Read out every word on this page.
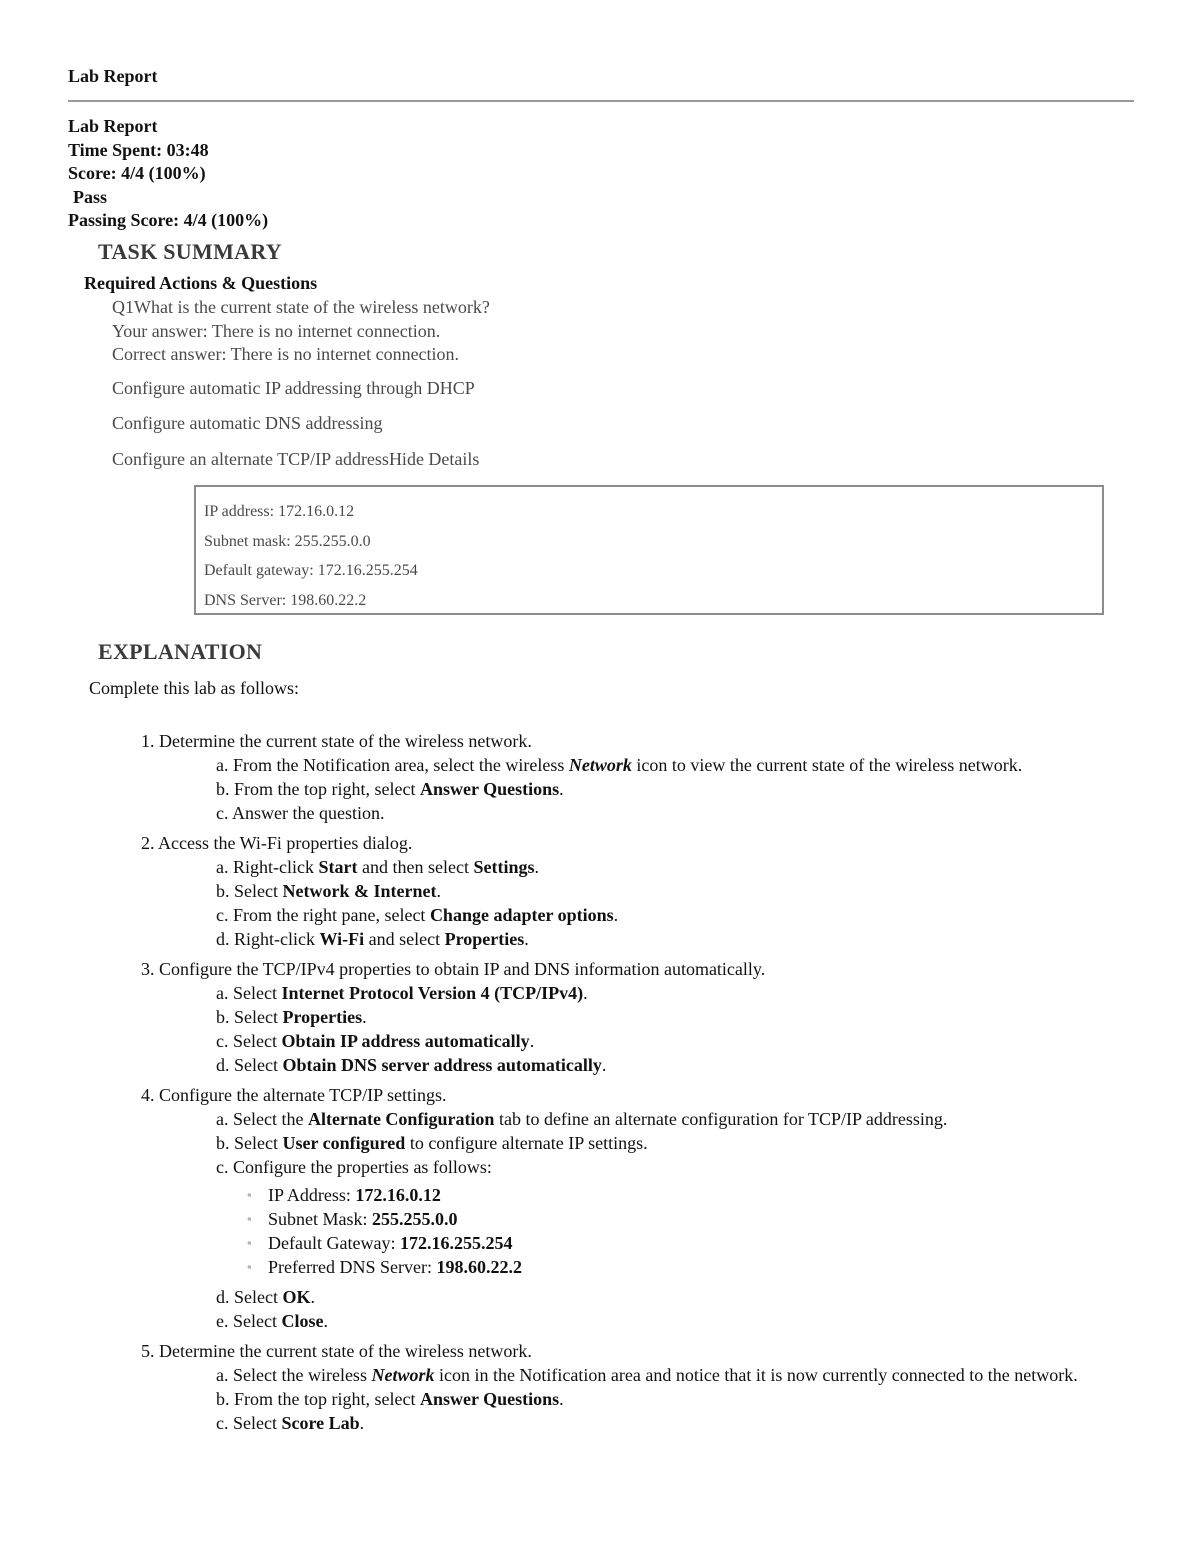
Lab Report
Lab Report
Time Spent: 03:48
Score: 4/4 (100%)
Pass
Passing Score: 4/4 (100%)
TASK SUMMARY
Required Actions & Questions
Q1What is the current state of the wireless network?
Your answer: There is no internet connection.
Correct answer: There is no internet connection.
Configure automatic IP addressing through DHCP
Configure automatic DNS addressing
Configure an alternate TCP/IP addressHide Details
IP address: 172.16.0.12
Subnet mask: 255.255.0.0
Default gateway: 172.16.255.254
DNS Server: 198.60.22.2
EXPLANATION
Complete this lab as follows:
1. Determine the current state of the wireless network.
a. From the Notification area, select the wireless Network icon to view the current state of the wireless network.
b. From the top right, select Answer Questions.
c. Answer the question.
2. Access the Wi-Fi properties dialog.
a. Right-click Start and then select Settings.
b. Select Network & Internet.
c. From the right pane, select Change adapter options.
d. Right-click Wi-Fi and select Properties.
3. Configure the TCP/IPv4 properties to obtain IP and DNS information automatically.
a. Select Internet Protocol Version 4 (TCP/IPv4).
b. Select Properties.
c. Select Obtain IP address automatically.
d. Select Obtain DNS server address automatically.
4. Configure the alternate TCP/IP settings.
a. Select the Alternate Configuration tab to define an alternate configuration for TCP/IP addressing.
b. Select User configured to configure alternate IP settings.
c. Configure the properties as follows:
▪ IP Address: 172.16.0.12
▪ Subnet Mask: 255.255.0.0
▪ Default Gateway: 172.16.255.254
▪ Preferred DNS Server: 198.60.22.2
d. Select OK.
e. Select Close.
5. Determine the current state of the wireless network.
a. Select the wireless Network icon in the Notification area and notice that it is now currently connected to the network.
b. From the top right, select Answer Questions.
c. Select Score Lab.
